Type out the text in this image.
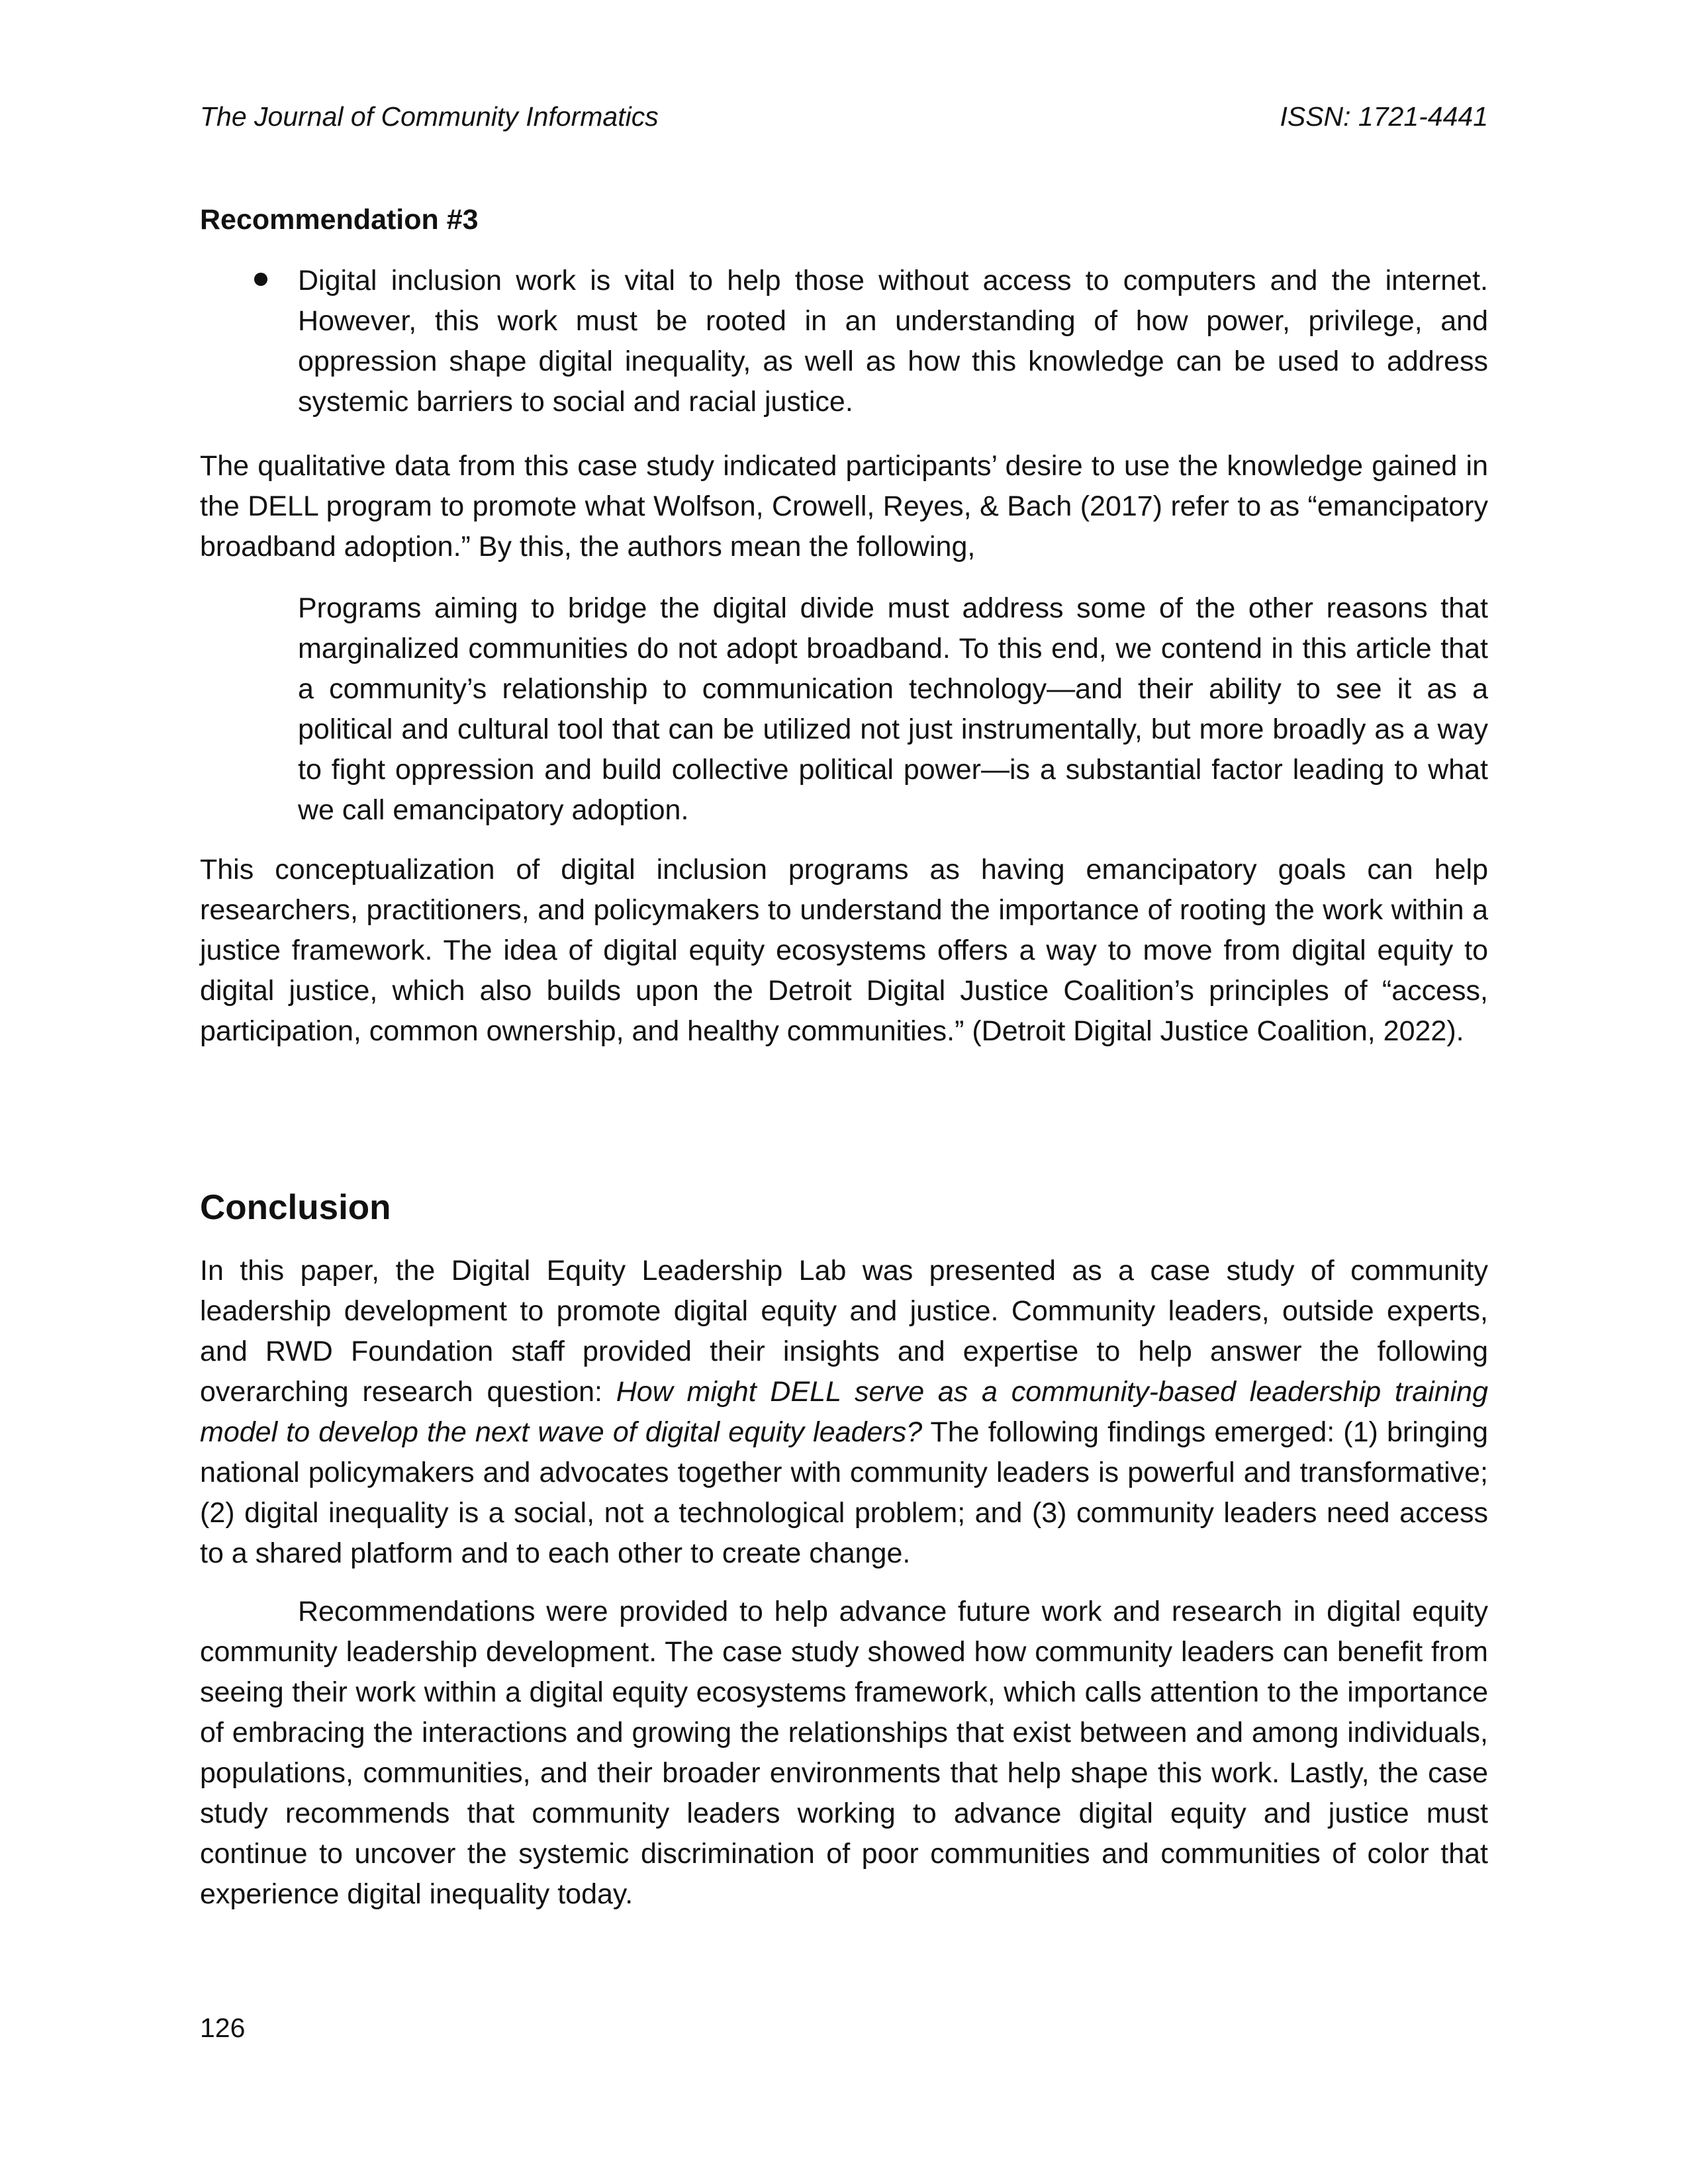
The Journal of Community Informatics	ISSN: 1721-4441
Recommendation #3
Digital inclusion work is vital to help those without access to computers and the internet. However, this work must be rooted in an understanding of how power, privilege, and oppression shape digital inequality, as well as how this knowledge can be used to address systemic barriers to social and racial justice.

The qualitative data from this case study indicated participants’ desire to use the knowledge gained in the DELL program to promote what Wolfson, Crowell, Reyes, & Bach (2017) refer to as “emancipatory broadband adoption.” By this, the authors mean the following,

Programs aiming to bridge the digital divide must address some of the other reasons that marginalized communities do not adopt broadband. To this end, we contend in this article that a community’s relationship to communication technology—and their ability to see it as a political and cultural tool that can be utilized not just instrumentally, but more broadly as a way to fight oppression and build collective political power—is a substantial factor leading to what we call emancipatory adoption.

This conceptualization of digital inclusion programs as having emancipatory goals can help researchers, practitioners, and policymakers to understand the importance of rooting the work within a justice framework. The idea of digital equity ecosystems offers a way to move from digital equity to digital justice, which also builds upon the Detroit Digital Justice Coalition’s principles of “access, participation, common ownership, and healthy communities.” (Detroit Digital Justice Coalition, 2022).

Conclusion

In this paper, the Digital Equity Leadership Lab was presented as a case study of community leadership development to promote digital equity and justice. Community leaders, outside experts, and RWD Foundation staff provided their insights and expertise to help answer the following overarching research question: How might DELL serve as a community-based leadership training model to develop the next wave of digital equity leaders? The following findings emerged: (1) bringing national policymakers and advocates together with community leaders is powerful and transformative; (2) digital inequality is a social, not a technological problem; and (3) community leaders need access to a shared platform and to each other to create change.

Recommendations were provided to help advance future work and research in digital equity community leadership development. The case study showed how community leaders can benefit from seeing their work within a digital equity ecosystems framework, which calls attention to the importance of embracing the interactions and growing the relationships that exist between and among individuals, populations, communities, and their broader environments that help shape this work. Lastly, the case study recommends that community leaders working to advance digital equity and justice must continue to uncover the systemic discrimination of poor communities and communities of color that experience digital inequality today.

126
